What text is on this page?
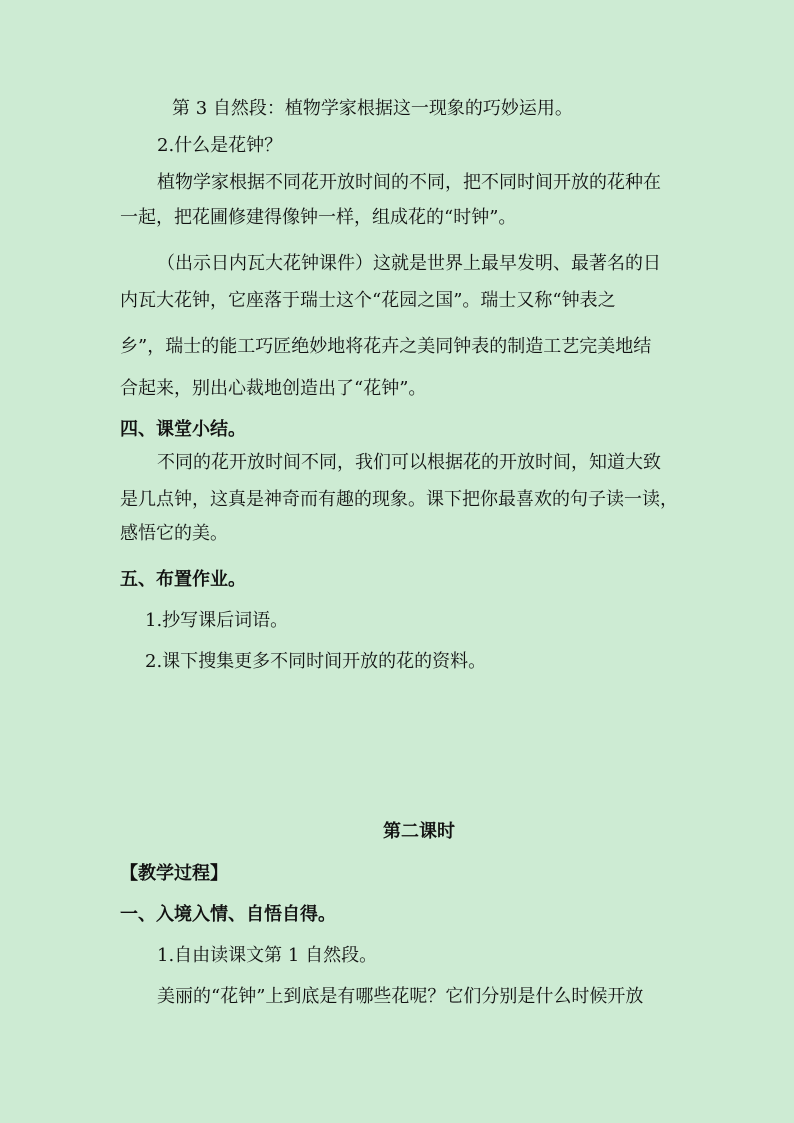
第 3 自然段：植物学家根据这一现象的巧妙运用。
2.什么是花钟？
植物学家根据不同花开放时间的不同，把不同时间开放的花种在
一起，把花圃修建得像钟一样，组成花的“时钟”。
（出示日内瓦大花钟课件）这就是世界上最早发明、最著名的日
内瓦大花钟，它座落于瑞士这个“花园之国”。瑞士又称“钟表之
乡”，瑞士的能工巧匠绝妙地将花卉之美同钟表的制造工艺完美地结
合起来，别出心裁地创造出了“花钟”。
四、课堂小结。
不同的花开放时间不同，我们可以根据花的开放时间，知道大致
是几点钟，这真是神奇而有趣的现象。课下把你最喜欢的句子读一读，
感悟它的美。
五、布置作业。
1.抄写课后词语。
2.课下搜集更多不同时间开放的花的资料。
第二课时
【教学过程】
一、入境入情、自悟自得。
1.自由读课文第 1 自然段。
美丽的“花钟”上到底是有哪些花呢？它们分别是什么时候开放
